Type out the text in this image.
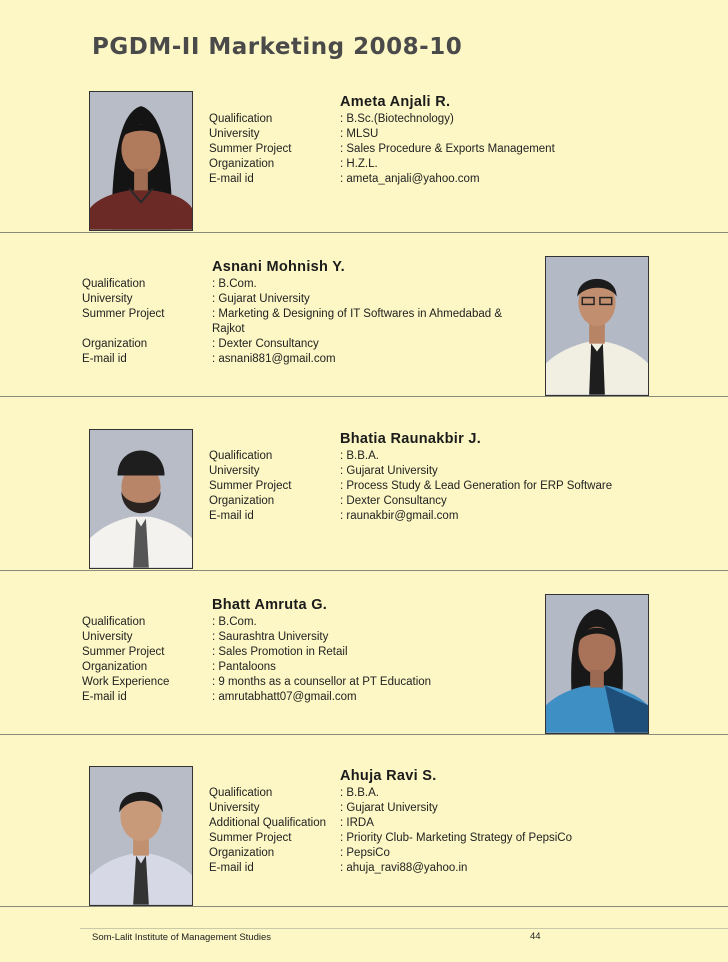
PGDM-II Marketing 2008-10
Ameta Anjali R.
Qualification	: B.Sc.(Biotechnology)
University	: MLSU
Summer Project	: Sales Procedure & Exports Management
Organization	: H.Z.L.
E-mail id	: ameta_anjali@yahoo.com
Asnani Mohnish Y.
Qualification	: B.Com.
University	: Gujarat University
Summer Project	: Marketing & Designing of IT Softwares in Ahmedabad & Rajkot
Organization	: Dexter Consultancy
E-mail id	: asnani881@gmail.com
Bhatia Raunakbir J.
Qualification	: B.B.A.
University	: Gujarat University
Summer Project	: Process Study & Lead Generation for ERP Software
Organization	: Dexter Consultancy
E-mail id	: raunakbir@gmail.com
Bhatt Amruta G.
Qualification	: B.Com.
University	: Saurashtra University
Summer Project	: Sales Promotion in Retail
Organization	: Pantaloons
Work Experience	: 9 months as a counsellor at PT Education
E-mail id	: amrutabhatt07@gmail.com
Ahuja Ravi S.
Qualification	: B.B.A.
University	: Gujarat University
Additional Qualification	: IRDA
Summer Project	: Priority Club- Marketing Strategy of PepsiCo
Organization	: PepsiCo
E-mail id	: ahuja_ravi88@yahoo.in
Som-Lalit Institute of Management Studies	44
